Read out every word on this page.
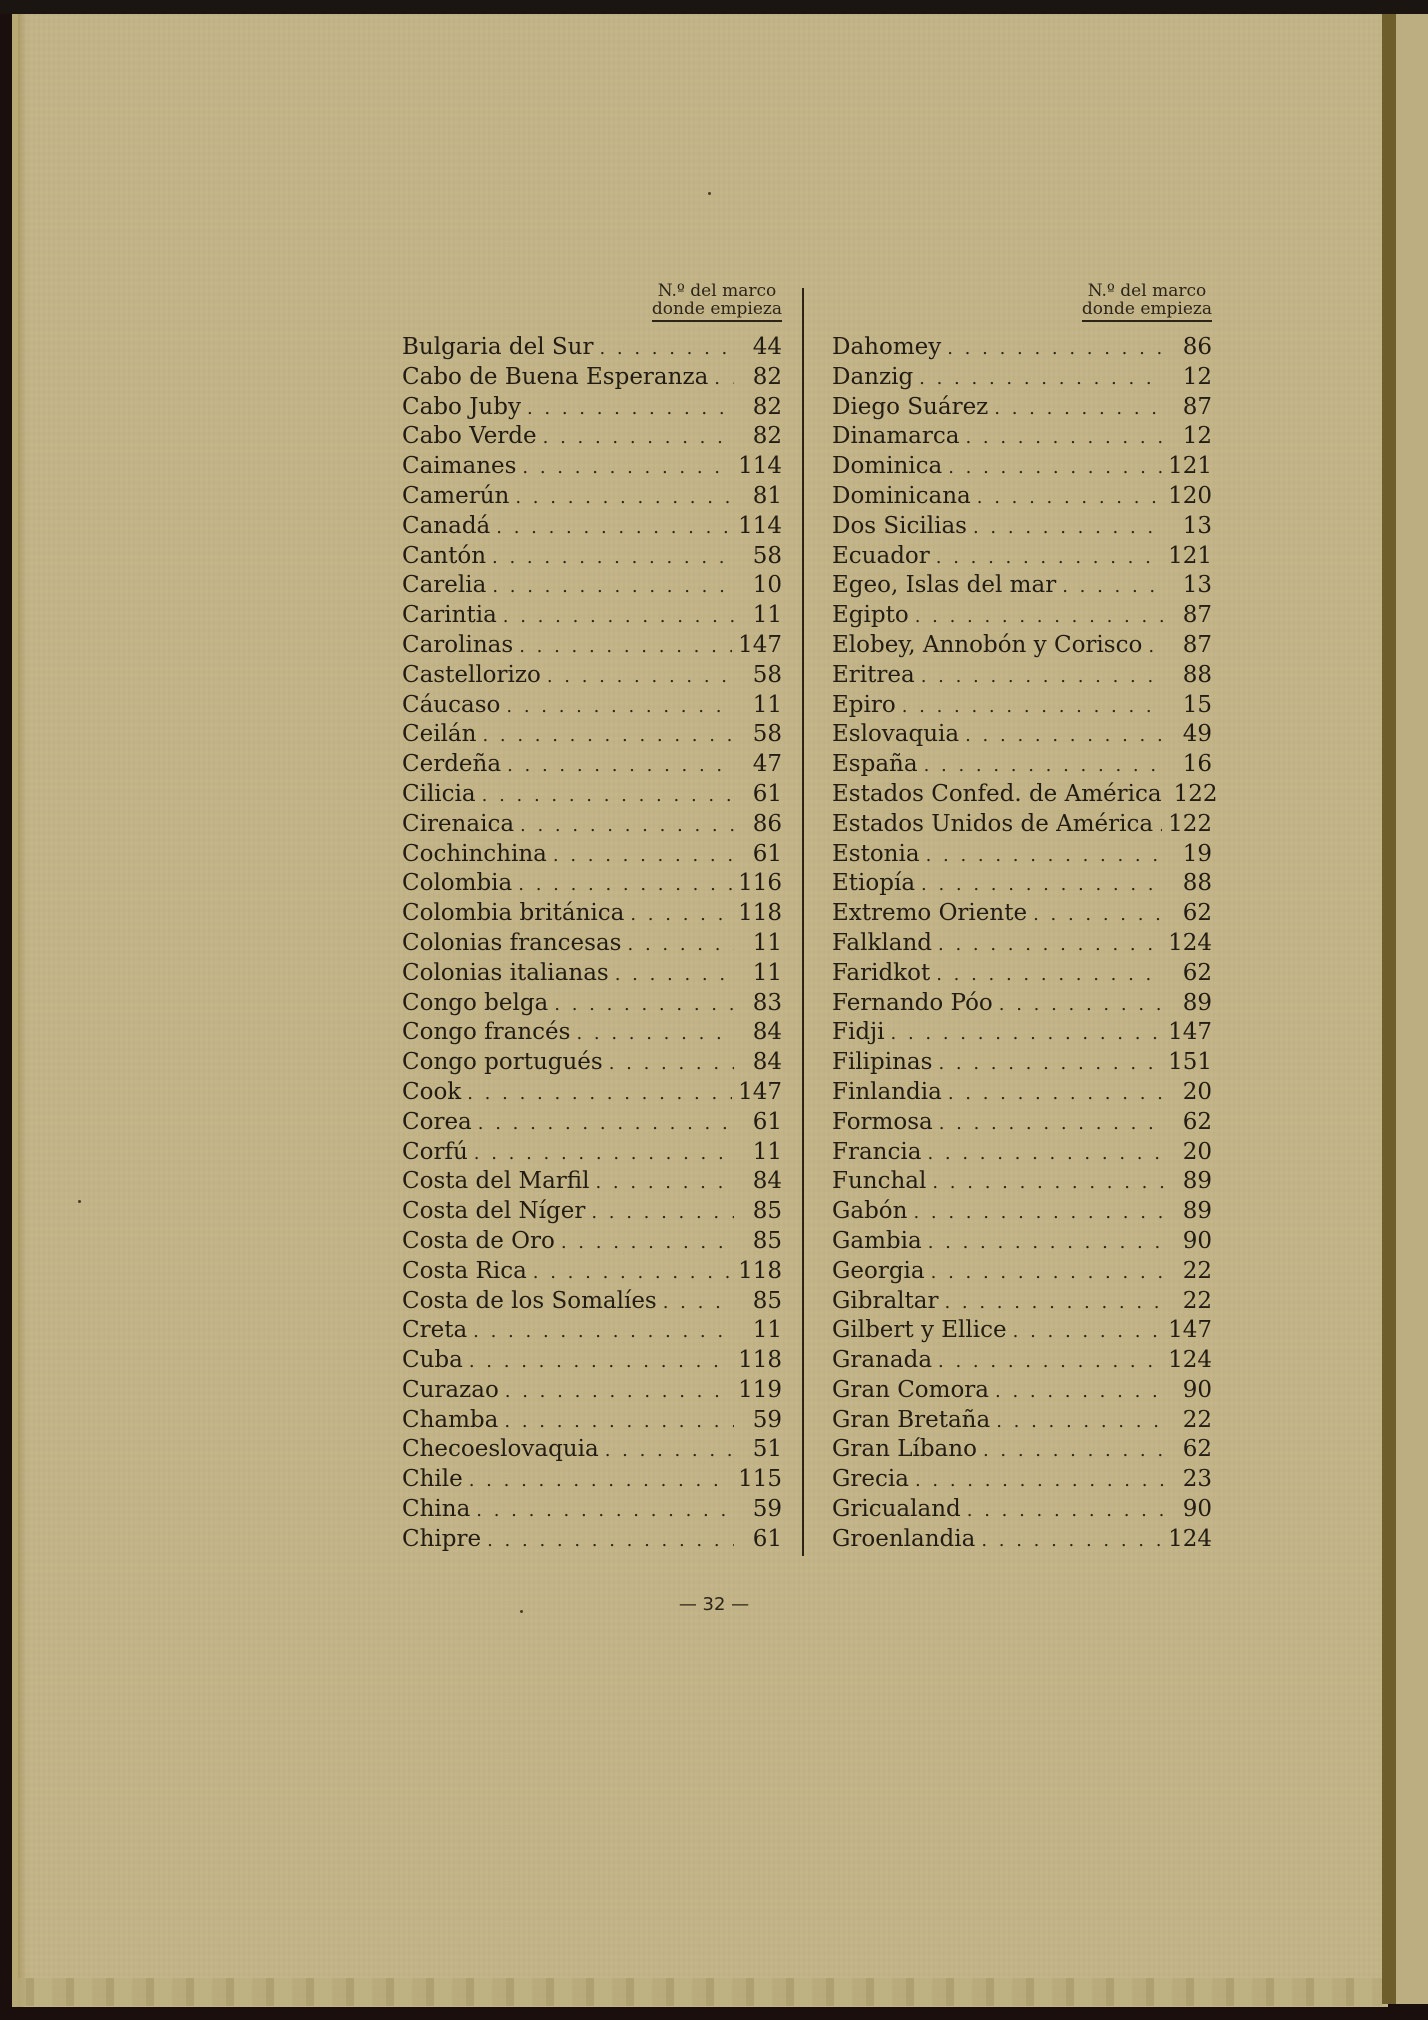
N.º del marco
donde empieza
Bulgaria del Sur . . .	44
Cabo de Buena Esperanza . . .	82
Cabo Juby . . .	82
Cabo Verde . . .	82
Caimanes . . .	114
Camerún . . .	81
Canadá . . .	114
Cantón . . .	58
Carelia . . .	10
Carintia . . .	11
Carolinas . . .	147
Castellorizo . . .	58
Cáucaso . . .	11
Ceilán . . .	58
Cerdeña . . .	47
Cilicia . . .	61
Cirenaica . . .	86
Cochinchina . . .	61
Colombia . . .	116
Colombia británica . . .	118
Colonias francesas . . .	11
Colonias italianas . . .	11
Congo belga . . .	83
Congo francés . . .	84
Congo portugués . . .	84
Cook . . .	147
Corea . . .	61
Corfú . . .	11
Costa del Marfil . . .	84
Costa del Níger . . .	85
Costa de Oro . . .	85
Costa Rica . . .	118
Costa de los Somalíes . . .	85
Creta . . .	11
Cuba . . .	118
Curazao . . .	119
Chamba . . .	59
Checoeslovaquia . . .	51
Chile . . .	115
China . . .	59
Chipre . . .	61
N.º del marco
donde empieza
Dahomey . . .	86
Danzig . . .	12
Diego Suárez . . .	87
Dinamarca . . .	12
Dominica . . .	121
Dominicana . . .	120
Dos Sicilias . . .	13
Ecuador . . .	121
Egeo, Islas del mar . . .	13
Egipto . . .	87
Elobey, Annobón y Corisco . . .	87
Eritrea . . .	88
Epiro . . .	15
Eslovaquia . . .	49
España . . .	16
Estados Confed. de América 122
Estados Unidos de América . . . 122
Estonia . . .	19
Etiopía . . .	88
Extremo Oriente . . .	62
Falkland . . .	124
Faridkot . . .	62
Fernando Póo . . .	89
Fidji . . .	147
Filipinas . . .	151
Finlandia . . .	20
Formosa . . .	62
Francia . . .	20
Funchal . . .	89
Gabón . . .	89
Gambia . . .	90
Georgia . . .	22
Gibraltar . . .	22
Gilbert y Ellice . . .	147
Granada . . .	124
Gran Comora . . .	90
Gran Bretaña . . .	22
Gran Líbano . . .	62
Grecia . . .	23
Gricualand . . .	90
Groenlandia . . .	124
— 32 —
